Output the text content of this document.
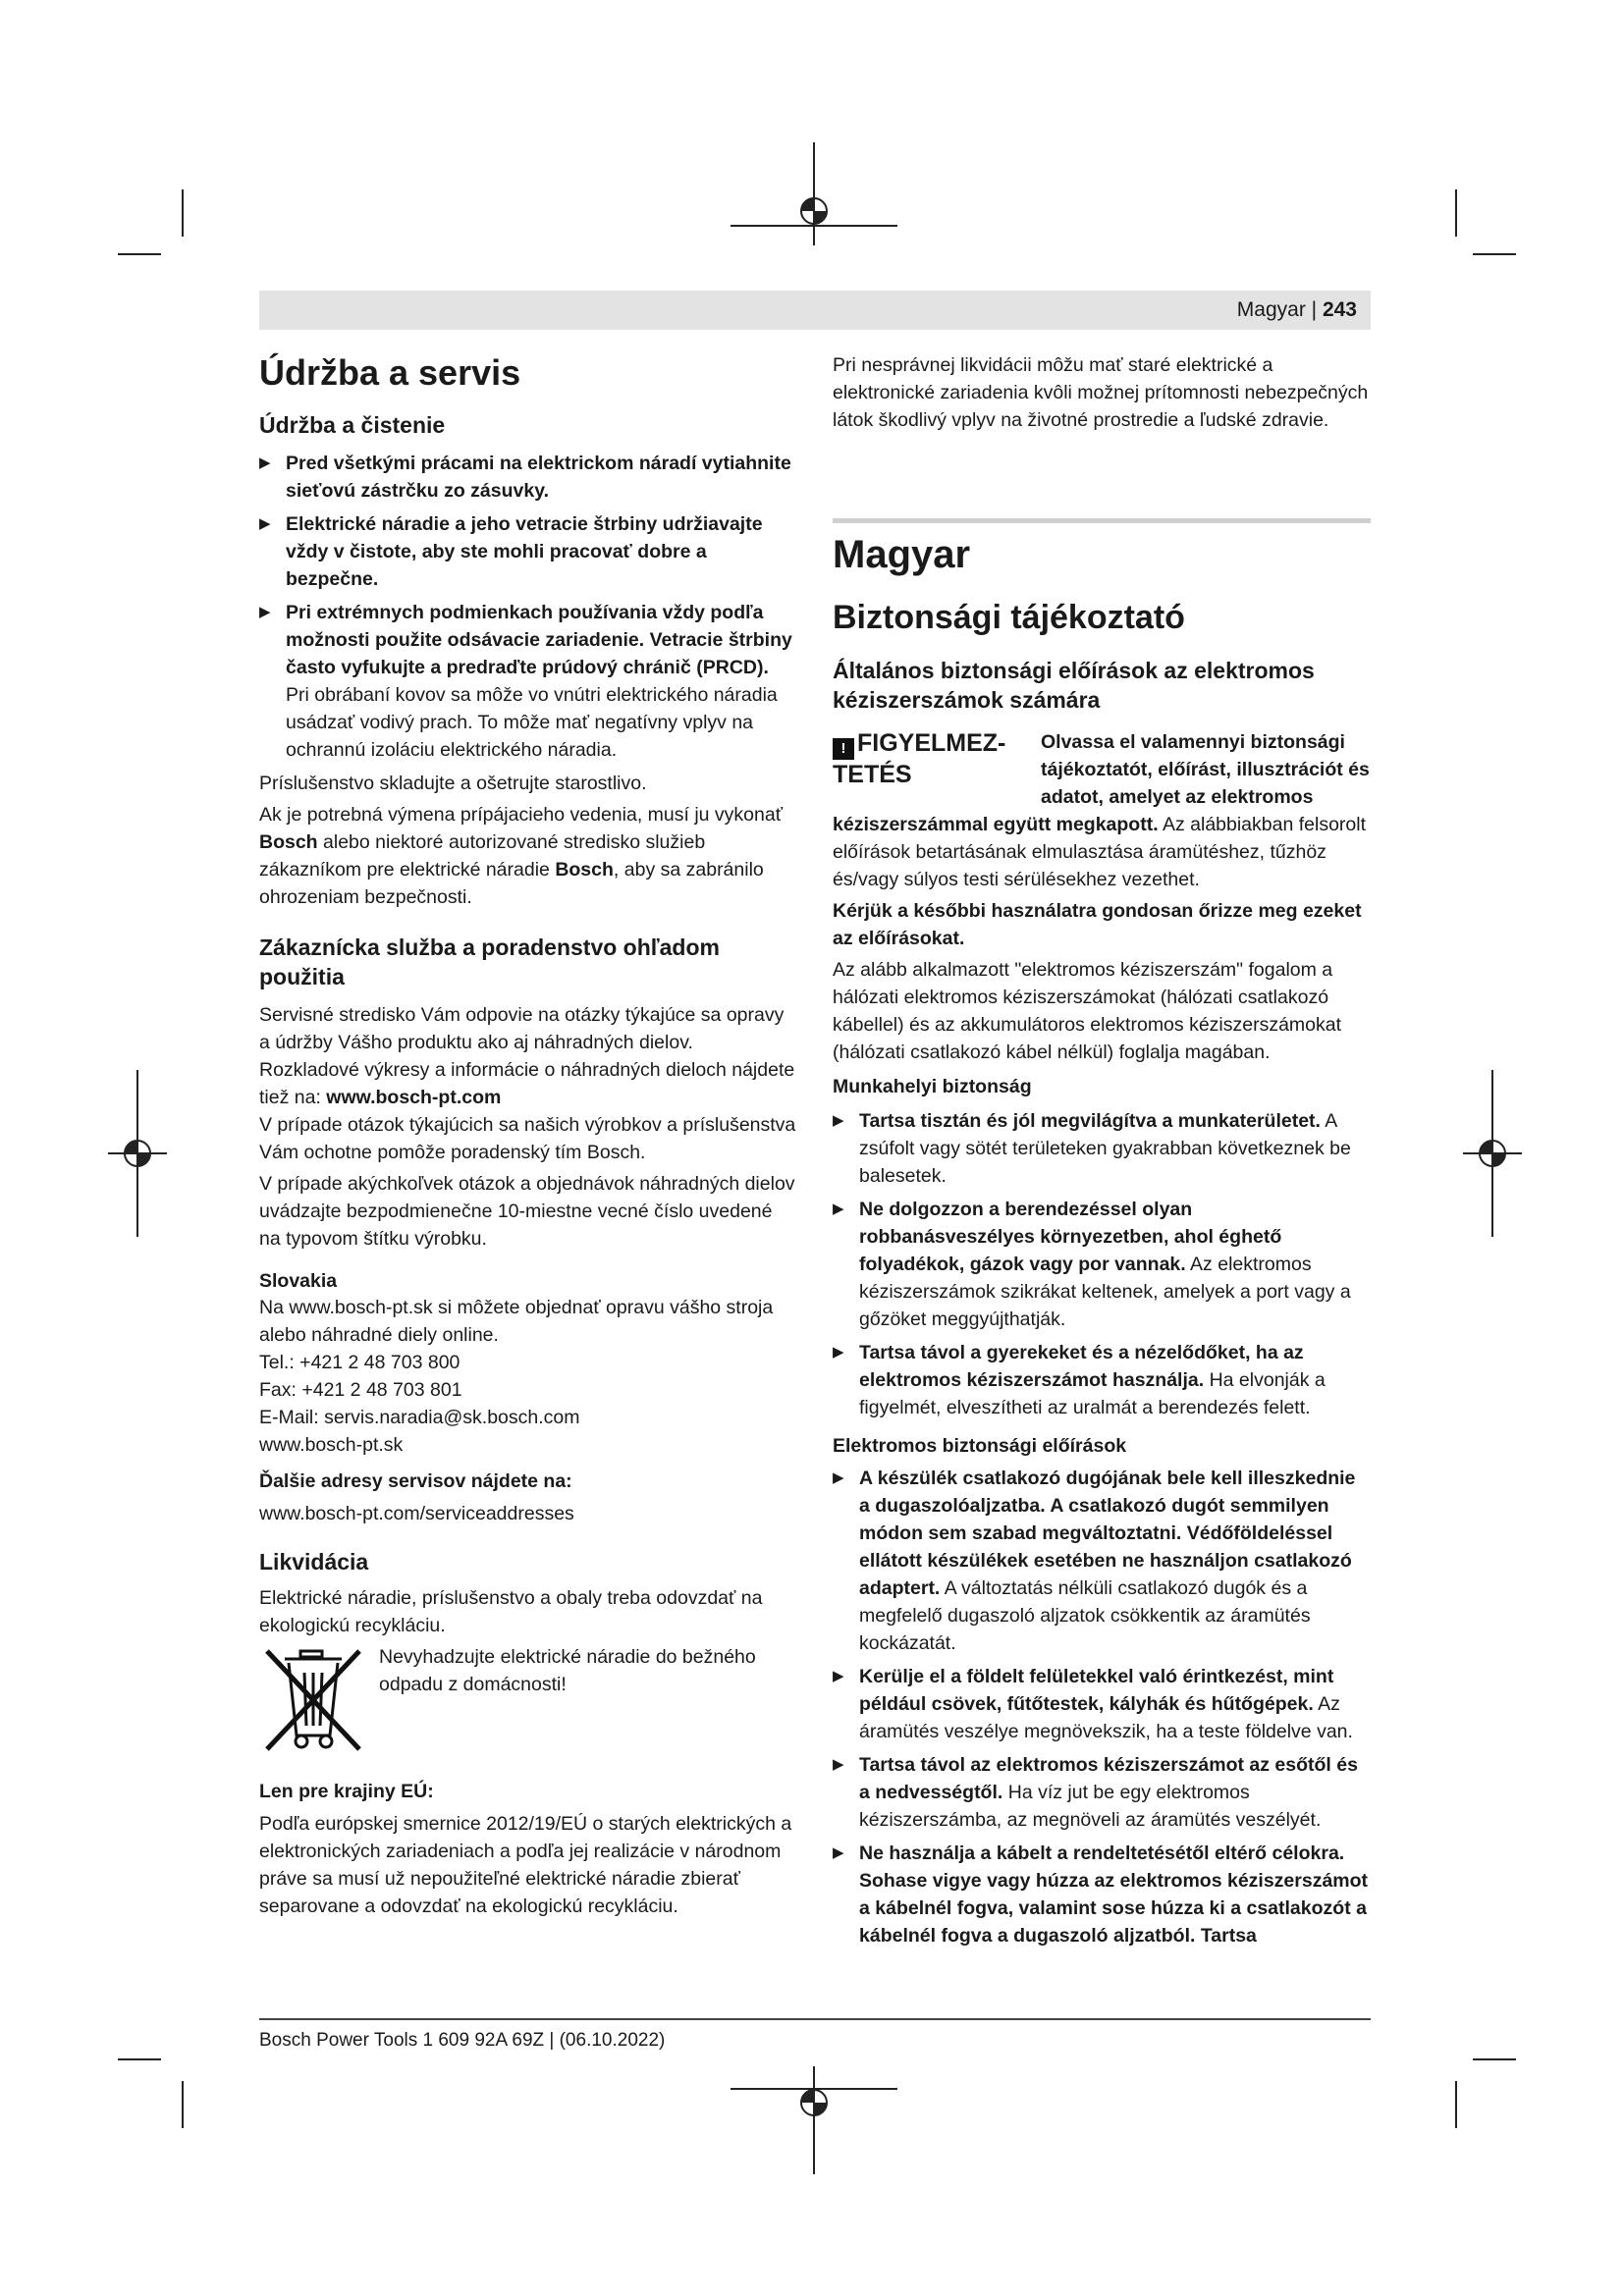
Magyar | 243
Údržba a servis
Údržba a čistenie
▶ Pred všetkými prácami na elektrickom náradí vytiahnite sieťovú zástrčku zo zásuvky.
▶ Elektrické náradie a jeho vetracie štrbiny udržiavajte vždy v čistote, aby ste mohli pracovať dobre a bezpečne.
▶ Pri extrémnych podmienkach používania vždy podľa možnosti použite odsávacie zariadenie. Vetracie štrbiny často vyfukujte a predraďte prúdový chránič (PRCD). Pri obrábaní kovov sa môže vo vnútri elektrického náradia usádzať vodivý prach. To môže mať negatívny vplyv na ochrannú izoláciu elektrického náradia.

Príslušenstvo skladujte a ošetrujte starostlivo.

Ak je potrebná výmena prípájacieho vedenia, musí ju vykonať Bosch alebo niektoré autorizované stredisko služieb zákazníkom pre elektrické náradie Bosch, aby sa zabránilo ohrozeniam bezpečnosti.

Zákaznícka služba a poradenstvo ohľadom použitia

Servisné stredisko Vám odpovie na otázky týkajúce sa opravy a údržby Vášho produktu ako aj náhradných dielov. Rozkladové výkresy a informácie o náhradných dieloch nájdete tiež na: www.bosch-pt.com

V prípade otázok týkajúcich sa našich výrobkov a príslušenstva Vám ochotne pomôže poradenský tím Bosch.

V prípade akýchkoľvek otázok a objednávok náhradných dielov uvádzajte bezpodmienečne 10-miestne vecné číslo uvedené na typovom štítku výrobku.

Slovakia
Na www.bosch-pt.sk si môžete objednať opravu vášho stroja alebo náhradné diely online.
Tel.: +421 2 48 703 800
Fax: +421 2 48 703 801
E-Mail: servis.naradia@sk.bosch.com
www.bosch-pt.sk
Ďalšie adresy servisov nájdete na:

www.bosch-pt.com/serviceaddresses

Likvidácia

Elektrické náradie, príslušenstvo a obaly treba odovzdať na ekologickú recykláciu.

Nevyhadzujte elektrické náradie do bežného odpadu z domácnosti!
Len pre krajiny EÚ:

Podľa európskej smernice 2012/19/EÚ o starých elektrických a elektronických zariadeniach a podľa jej realizácie v národnom práve sa musí už nepoužiteľné elektrické náradie zbierať separovane a odovzdať na ekologickú recykláciu.

Pri nesprávnej likvidácii môžu mať staré elektrické a elektronické zariadenia kvôli možnej prítomnosti nebezpečných látok škodlivý vplyv na životné prostredie a ľudské zdravie.

Magyar
Biztonsági tájékoztató
Általános biztonsági előírások az elektromos kéziszerszámok számára
! FIGYELMEZ- TETÉS

Olvassa el valamennyi biztonsági tájékoztatót, előírást, illusztrációt és adatot, amelyet az elektromos kéziszerszámmal együtt megkapott. Az alábbiakban felsorolt előírások betartásának elmulasztása áramütéshez, tűzhöz és/vagy súlyos testi sérülésekhez vezethet.

Kérjük a későbbi használatra gondosan őrizze meg ezeket az előírásokat.

Az alább alkalmazott "elektromos kéziszerszám" fogalom a hálózati elektromos kéziszerszámokat (hálózati csatlakozó kábellel) és az akkumulátoros elektromos kéziszerszámokat (hálózati csatlakozó kábel nélkül) foglalja magában.

Munkahelyi biztonság
▶ Tartsa tisztán és jól megvilágítva a munkaterületet. A zsúfolt vagy sötét területeken gyakrabban következnek be balesetek.
▶ Ne dolgozzon a berendezéssel olyan robbanásveszélyes környezetben, ahol éghető folyadékok, gázok vagy por vannak. Az elektromos kéziszerszámok szikrákat keltenek, amelyek a port vagy a gőzöket meggyújthatják.
▶ Tartsa távol a gyerekeket és a nézelődőket, ha az elektromos kéziszerszámot használja. Ha elvonják a figyelmét, elveszítheti az uralmát a berendezés felett.
Elektromos biztonsági előírások
▶ A készülék csatlakozó dugójának bele kell illeszkednie a dugaszolóaljzatba. A csatlakozó dugót semmilyen módon sem szabad megváltoztatni. Védőföldeléssel ellátott készülékek esetében ne használjon csatlakozó adaptert. A változtatás nélküli csatlakozó dugók és a megfelelő dugaszoló aljzatok csökkentik az áramütés kockázatát.
▶ Kerülje el a földelt felületekkel való érintkezést, mint például csövek, fűtőtestek, kályhák és hűtőgépek. Az áramütés veszélye megnövekszik, ha a teste földelve van.
▶ Tartsa távol az elektromos kéziszerszámot az esőtől és a nedvességtől. Ha víz jut be egy elektromos kéziszerszámba, az megnöveli az áramütés veszélyét.
▶ Ne használja a kábelt a rendeltetésétől eltérő célokra. Sohase vigye vagy húzza az elektromos kéziszerszámot a kábelnél fogva, valamint sose húzza ki a csatlakozót a kábelnél fogva a dugaszoló aljzatból. Tartsa
Bosch Power Tools 1 609 92A 69Z | (06.10.2022)
